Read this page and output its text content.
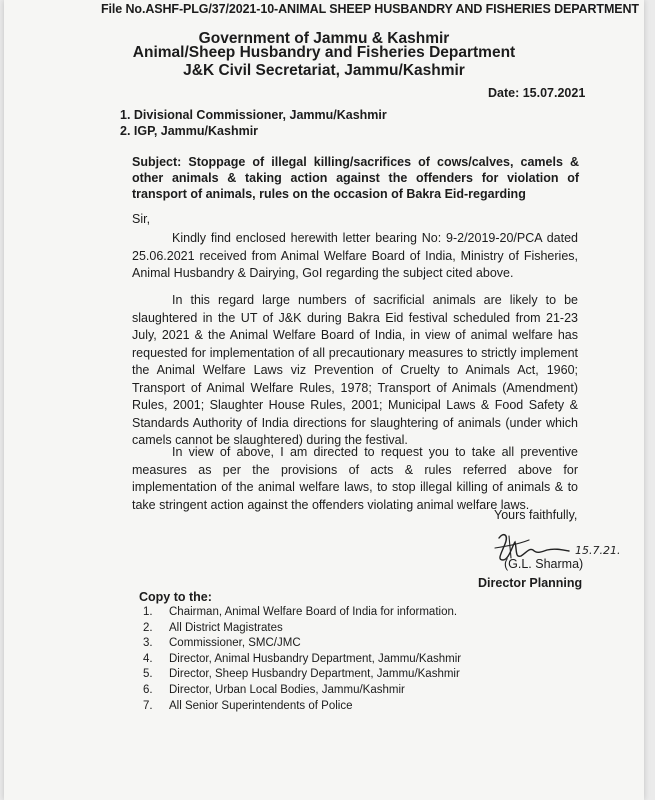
File No.ASHF-PLG/37/2021-10-ANIMAL SHEEP HUSBANDRY AND FISHERIES DEPARTMENT
Government of Jammu & Kashmir
Animal/Sheep Husbandry and Fisheries Department
J&K Civil Secretariat, Jammu/Kashmir
Date: 15.07.2021
1. Divisional Commissioner, Jammu/Kashmir
2. IGP, Jammu/Kashmir
Subject: Stoppage of illegal killing/sacrifices of cows/calves, camels & other animals & taking action against the offenders for violation of transport of animals, rules on the occasion of Bakra Eid-regarding
Sir,
Kindly find enclosed herewith letter bearing No: 9-2/2019-20/PCA dated 25.06.2021 received from Animal Welfare Board of India, Ministry of Fisheries, Animal Husbandry & Dairying, GoI regarding the subject cited above.
In this regard large numbers of sacrificial animals are likely to be slaughtered in the UT of J&K during Bakra Eid festival scheduled from 21-23 July, 2021 & the Animal Welfare Board of India, in view of animal welfare has requested for implementation of all precautionary measures to strictly implement the Animal Welfare Laws viz Prevention of Cruelty to Animals Act, 1960; Transport of Animal Welfare Rules, 1978; Transport of Animals (Amendment) Rules, 2001; Slaughter House Rules, 2001; Municipal Laws & Food Safety & Standards Authority of India directions for slaughtering of animals (under which camels cannot be slaughtered) during the festival.
In view of above, I am directed to request you to take all preventive measures as per the provisions of acts & rules referred above for implementation of the animal welfare laws, to stop illegal killing of animals & to take stringent action against the offenders violating animal welfare laws.
Yours faithfully,
15.7.21.
(G.L. Sharma)
Director Planning
Copy to the:
1.	Chairman, Animal Welfare Board of India for information.
2.	All District Magistrates
3.	Commissioner, SMC/JMC
4.	Director, Animal Husbandry Department, Jammu/Kashmir
5.	Director, Sheep Husbandry Department, Jammu/Kashmir
6.	Director, Urban Local Bodies, Jammu/Kashmir
7.	All Senior Superintendents of Police
